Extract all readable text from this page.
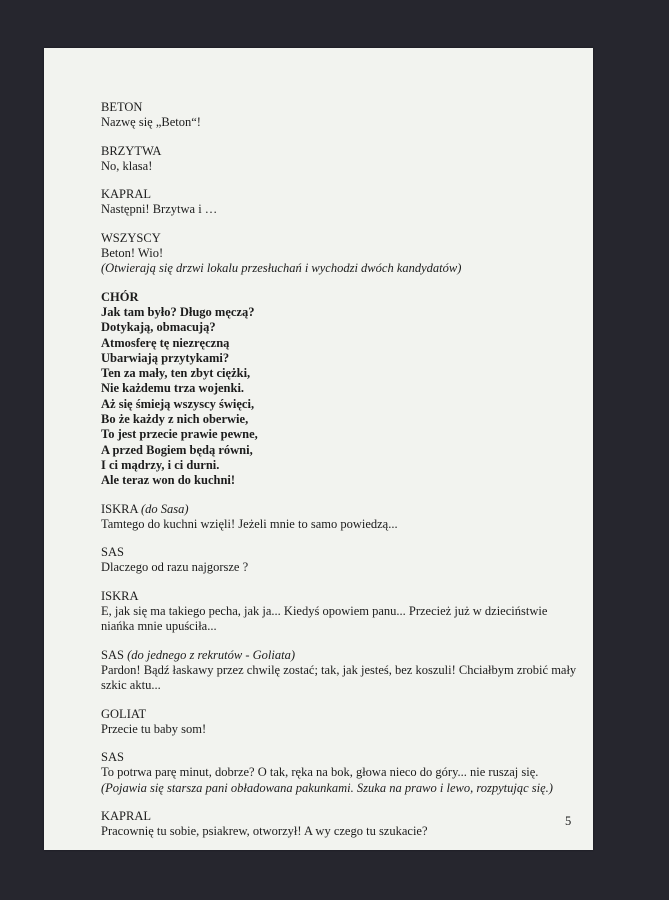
BETON
Nazwę się „Beton“!
BRZYTWA
No, klasa!
KAPRAL
Następni! Brzytwa i …
WSZYSCY
Beton! Wio!
(Otwierają się drzwi lokalu przesłuchań i wychodzi dwóch kandydatów)
CHÓR
Jak tam było? Długo męczą?
Dotykają, obmacują?
Atmosferę tę niezręczną
Ubarwiają przytykami?
Ten za mały, ten zbyt ciężki,
Nie każdemu trza wojenki.
Aż się śmieją wszyscy święci,
Bo że każdy z nich oberwie,
To jest przecie prawie pewne,
A przed Bogiem będą równi,
I ci mądrzy, i ci durni.
Ale teraz won do kuchni!
ISKRA (do Sasa)
Tamtego do kuchni wzięli! Jeżeli mnie to samo powiedzą...
SAS
Dlaczego od razu najgorsze ?
ISKRA
E, jak się ma takiego pecha, jak ja... Kiedyś opowiem panu... Przecież już w dzieciństwie niańka mnie upuściła...
SAS (do jednego z rekrutów - Goliata)
Pardon! Bądź łaskawy przez chwilę zostać; tak, jak jesteś, bez koszuli! Chciałbym zrobić mały szkic aktu...
GOLIAT
Przecie tu baby som!
SAS
To potrwa parę minut, dobrze? O tak, ręka na bok, głowa nieco do góry... nie ruszaj się.
(Pojawia się starsza pani obładowana pakunkami. Szuka na prawo i lewo, rozpytując się.)
KAPRAL
Pracownię tu sobie, psiakrew, otworzył! A wy czego tu szukacie?
5
